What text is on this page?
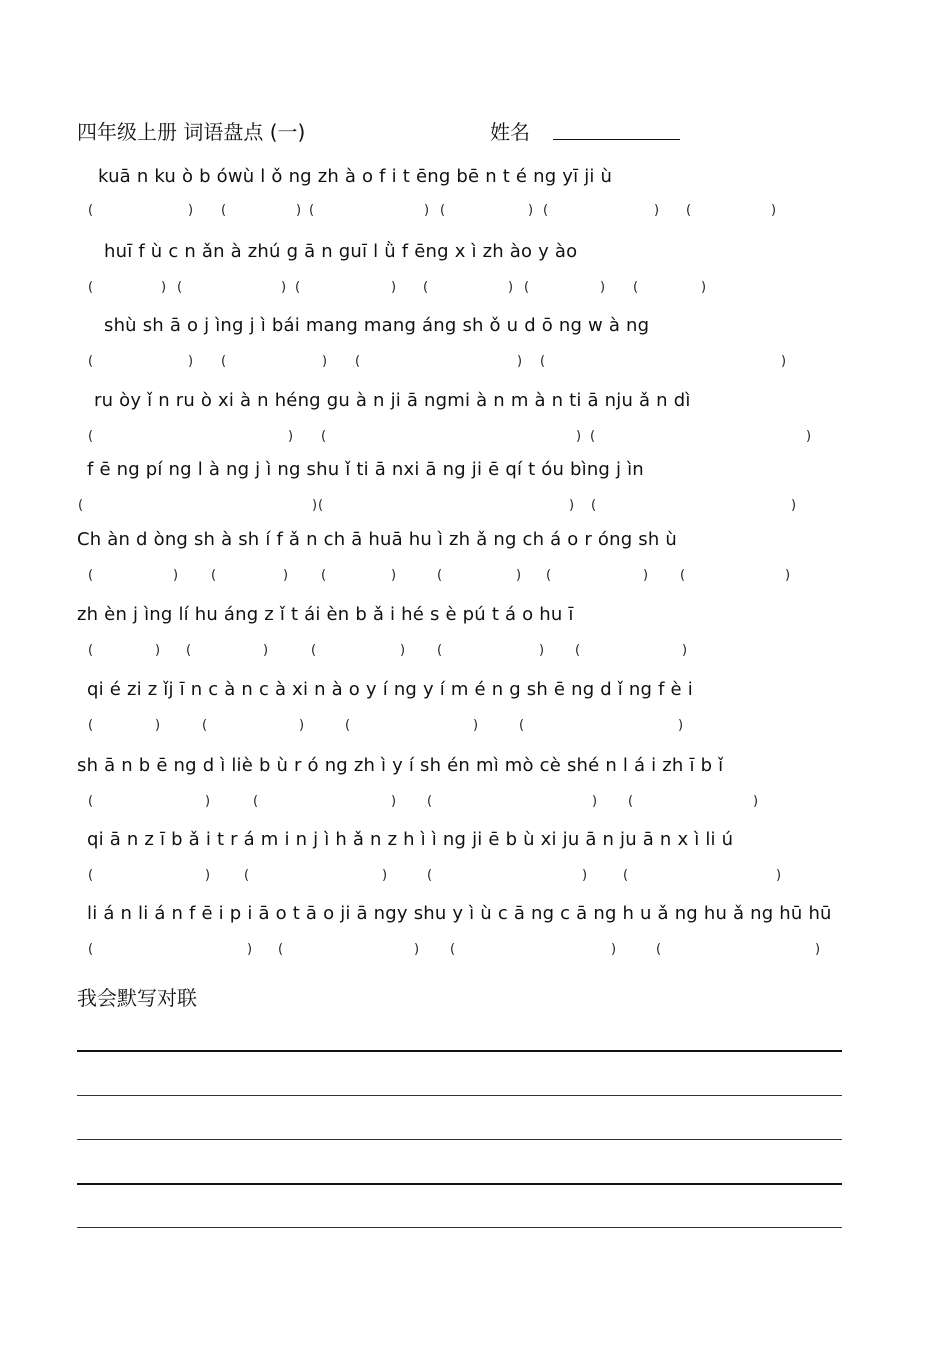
四年级上册 词语盘点 (一)	姓名
kuā n ku ò b ówù l ǒ ng zh à o f i t ēng bē n t é ng yī ji ù
(	) (	) (	) (	) (	) (	)
huī f ù c n ǎn à zhú g ā n guī l ǜ f ēng x ì zh ào y ào
(	) (	) (	) (	) (	) (	)
shù sh ā o j ìng j ì bái mang mang áng sh ǒ u d ō ng w à ng
(	) (	) (	) (	)
ru òy ǐ n ru ò xi à n héng gu à n ji ā ngmi à n m à n ti ā nju ǎ n dì
(	) (	) (	)
f ē ng pí ng l à ng j ì ng shu ǐ ti ā nxi ā ng ji ē qí t óu bìng j ìn
(	) (	) (	)
Ch àn d òng sh à sh í f ǎ n ch ā huā hu ì zh ǎ ng ch á o r óng sh ù
(	)	(	)	(	)	(	) (	) (	)
zh èn j ìng lí hu áng z ǐ t ái èn b ǎ i hé s è pú t á o hu ī
(	) (	)	(	) (	) (	)
qi é zi z ǐj ī n c à n c à xi n à o y í ng y í m é n g sh ē ng d ǐ ng f è i
(	)	(	)	(	)	(	)
sh ā n b ē ng d ì liè b ù r ó ng zh ì y í sh én mì mò cè shé n l á i zh ī b ǐ
(	)	(	) (	) (	)
qi ā n z ī b ǎ i t r á m i n j ì h ǎ n z h ì ì ng ji ē b ù xi ju ā n ju ā n x ì li ú
(	)	(	)	(	)	(	)
li á n li á n f ē i p i ā o t ā o ji ā ngy shu y ì ù c ā ng c ā ng h u ǎ ng hu ǎ ng hū hū
(	) (	) (	)	(	)
我会默写对联
